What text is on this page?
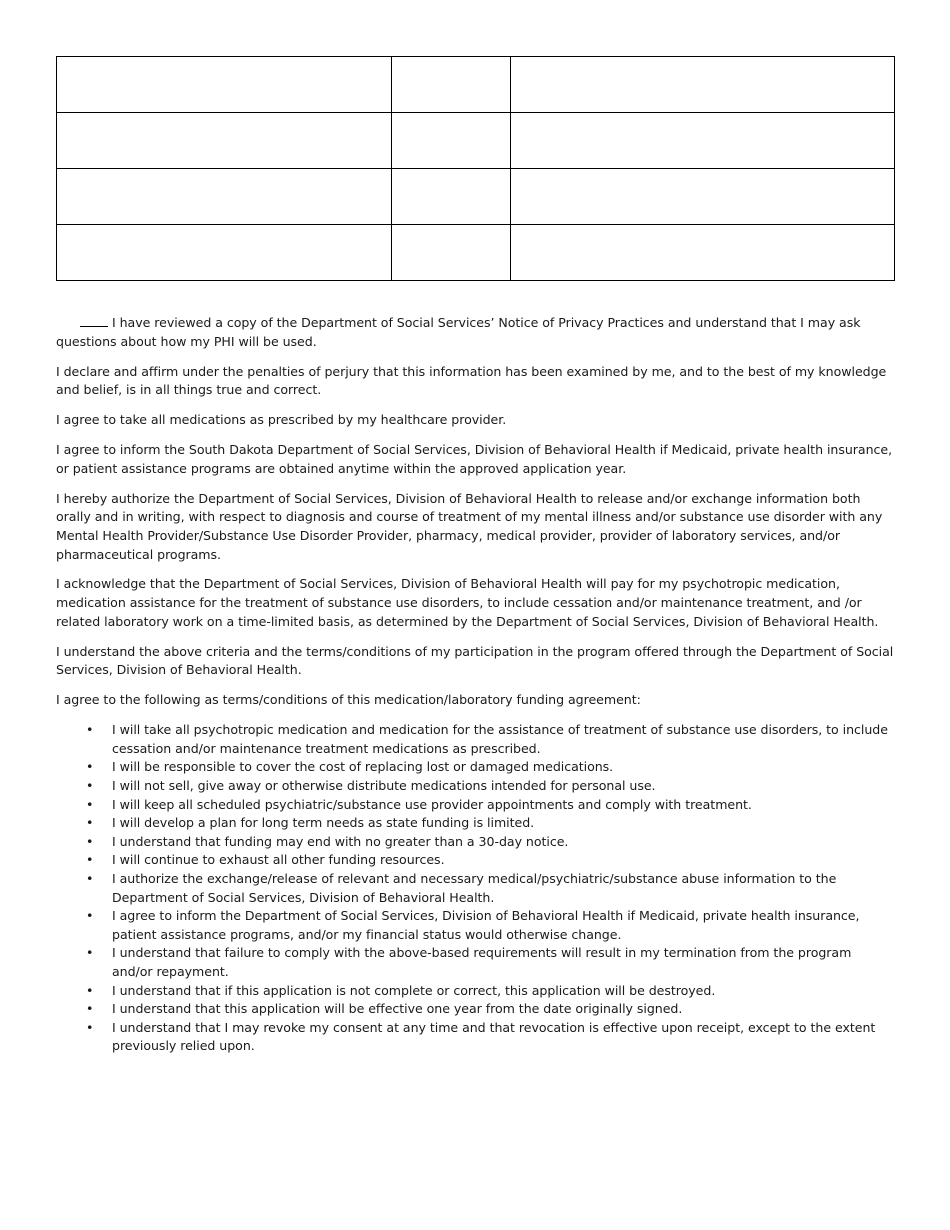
I have reviewed a copy of the Department of Social Services’ Notice of Privacy Practices and understand that I may ask questions about how my PHI will be used.

I declare and affirm under the penalties of perjury that this information has been examined by me, and to the best of my knowledge and belief, is in all things true and correct.

I agree to take all medications as prescribed by my healthcare provider.

I agree to inform the South Dakota Department of Social Services, Division of Behavioral Health if Medicaid, private health insurance, or patient assistance programs are obtained anytime within the approved application year.

I hereby authorize the Department of Social Services, Division of Behavioral Health to release and/or exchange information both orally and in writing, with respect to diagnosis and course of treatment of my mental illness and/or substance use disorder with any Mental Health Provider/Substance Use Disorder Provider, pharmacy, medical provider, provider of laboratory services, and/or pharmaceutical programs.

I acknowledge that the Department of Social Services, Division of Behavioral Health will pay for my psychotropic medication, medication assistance for the treatment of substance use disorders, to include cessation and/or maintenance treatment, and /or related laboratory work on a time-limited basis, as determined by the Department of Social Services, Division of Behavioral Health.

I understand the above criteria and the terms/conditions of my participation in the program offered through the Department of Social Services, Division of Behavioral Health.

I agree to the following as terms/conditions of this medication/laboratory funding agreement:

• I will take all psychotropic medication and medication for the assistance of treatment of substance use disorders, to include cessation and/or maintenance treatment medications as prescribed.
• I will be responsible to cover the cost of replacing lost or damaged medications.
• I will not sell, give away or otherwise distribute medications intended for personal use.
• I will keep all scheduled psychiatric/substance use provider appointments and comply with treatment.
• I will develop a plan for long term needs as state funding is limited.
• I understand that funding may end with no greater than a 30-day notice.
• I will continue to exhaust all other funding resources.
• I authorize the exchange/release of relevant and necessary medical/psychiatric/substance abuse information to the Department of Social Services, Division of Behavioral Health.
• I agree to inform the Department of Social Services, Division of Behavioral Health if Medicaid, private health insurance, patient assistance programs, and/or my financial status would otherwise change.
• I understand that failure to comply with the above-based requirements will result in my termination from the program and/or repayment.
• I understand that if this application is not complete or correct, this application will be destroyed.
• I understand that this application will be effective one year from the date originally signed.
• I understand that I may revoke my consent at any time and that revocation is effective upon receipt, except to the extent previously relied upon.
